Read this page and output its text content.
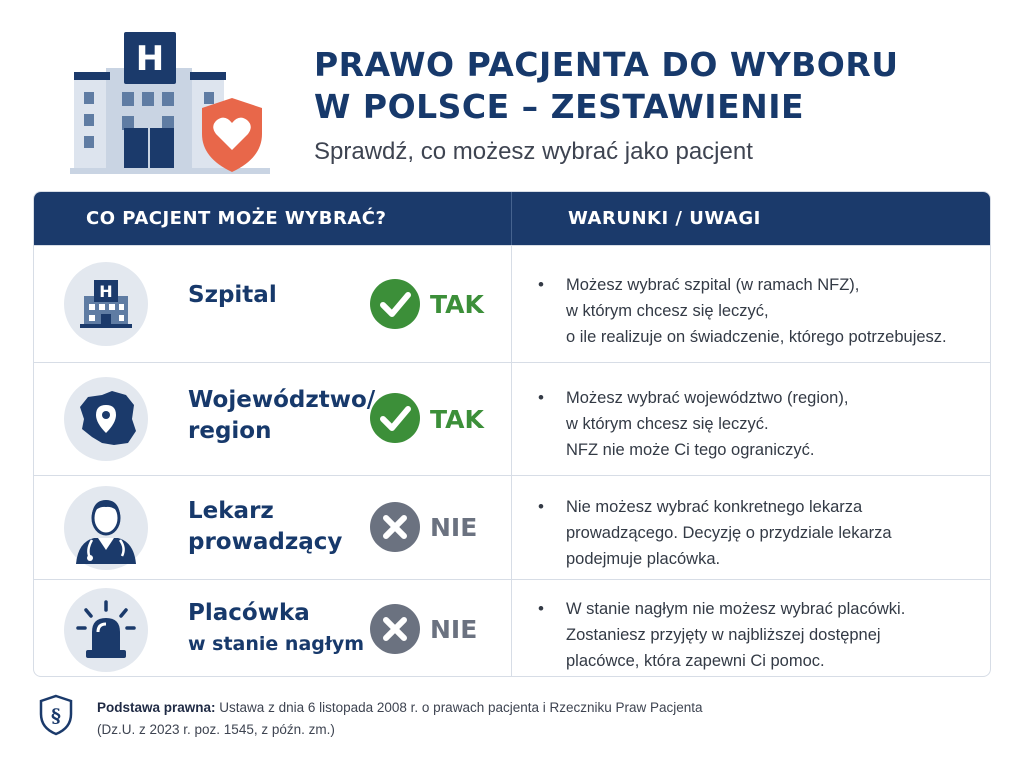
H	PRAWO PACJENTA DO WYBORU
W POLSCE – ZESTAWIENIE
Sprawdź, co możesz wybrać jako pacjent
CO PACJENT MOŻE WYBRAĆ?	WARUNKI / UWAGI
H	Szpital	TAK
• Możesz wybrać szpital (w ramach NFZ),
w którym chcesz się leczyć,
o ile realizuje on świadczenie, którego potrzebujesz.
Województwo/
region	TAK
• Możesz wybrać województwo (region),
w którym chcesz się leczyć.
NFZ nie może Ci tego ograniczyć.
Lekarz
prowadzący	NIE
• Nie możesz wybrać konkretnego lekarza
prowadzącego. Decyzję o przydziale lekarza
podejmuje placówka.
Placówka
w stanie nagłym	NIE
• W stanie nagłym nie możesz wybrać placówki.
Zostaniesz przyjęty w najbliższej dostępnej
placówce, która zapewni Ci pomoc.
§	Podstawa prawna: Ustawa z dnia 6 listopada 2008 r. o prawach pacjenta i Rzeczniku Praw Pacjenta
(Dz.U. z 2023 r. poz. 1545, z późn. zm.)
